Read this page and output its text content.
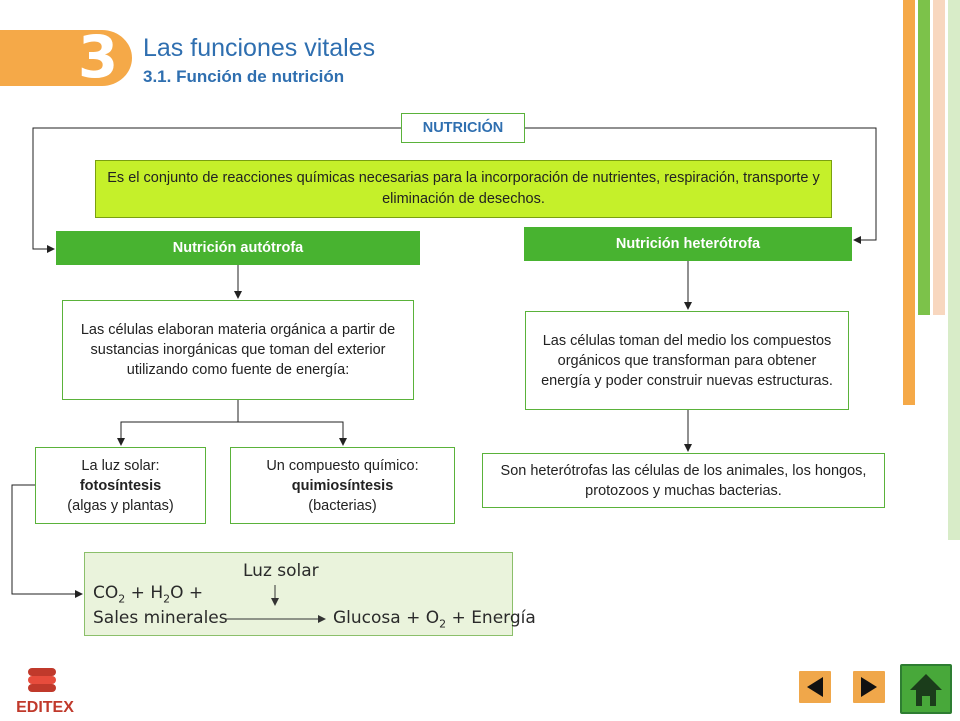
3 Las funciones vitales
3.1. Función de nutrición
NUTRICIÓN
Es el conjunto de reacciones químicas necesarias para la incorporación de nutrientes, respiración, transporte y eliminación de desechos.
Nutrición autótrofa	Nutrición heterótrofa
Las células elaboran materia orgánica a partir de sustancias inorgánicas que toman del exterior utilizando como fuente de energía:
Las células toman del medio los compuestos orgánicos que transforman para obtener energía y poder construir nuevas estructuras.
La luz solar:
fotosíntesis
(algas y plantas)
Un compuesto químico:
quimiosíntesis
(bacterias)
Son heterótrofas las células de los animales, los hongos, protozoos y muchas bacterias.
Luz solar
$CO_2 + H_2O$ +
Sales minerales	$Glucosa + O_2$ + Energía
EDITEX
